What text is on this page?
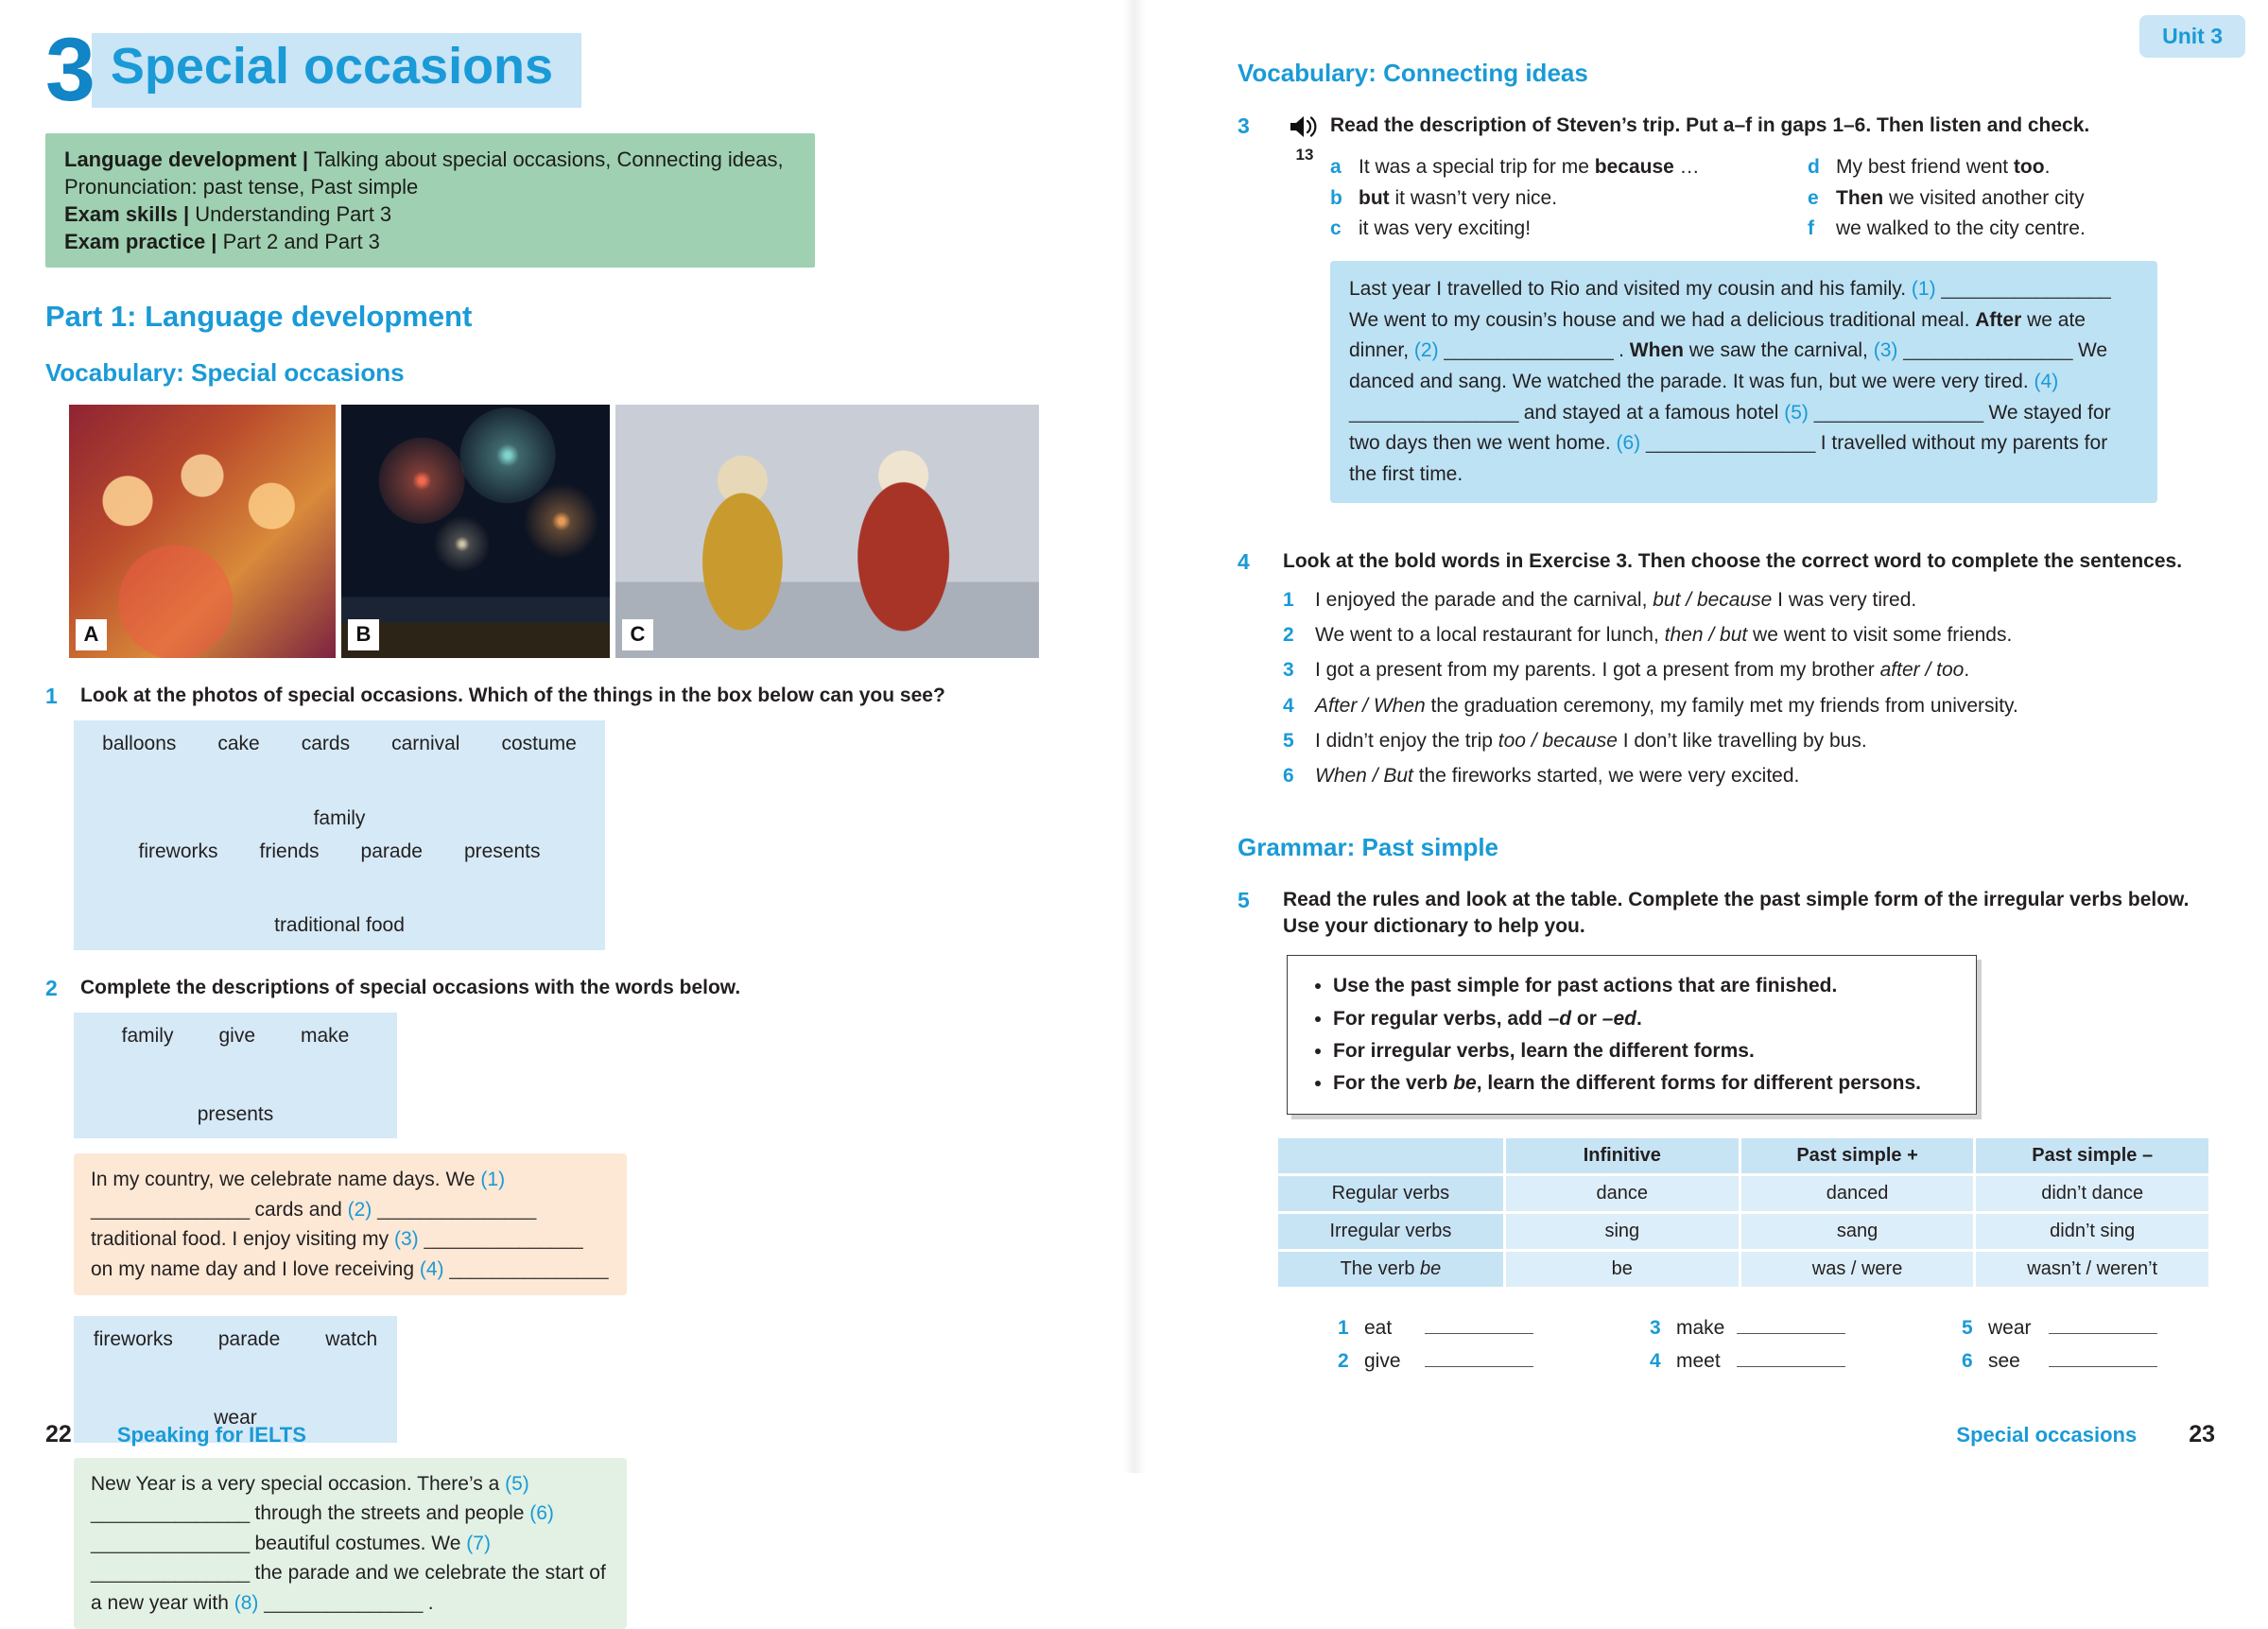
3 Special occasions

Language development | Talking about special occasions, Connecting ideas,

Pronunciation: past tense, Past simple

Exam skills | Understanding Part 3

Exam practice | Part 2 and Part 3

Part 1: Language development
Vocabulary: Special occasions
A	B	C
1	Look at the photos of special occasions. Which of the things in the box below can you see?

balloons cake cards carnival costume
family
fireworks friends parade presents
traditional food
2	Complete the descriptions of special occasions with the words below.

family give make
presents
In my country, we celebrate name days. We (1) _______________ cards and (2) _______________ traditional food. I enjoy visiting my (3) _______________ on my name day and I love receiving (4) _______________
fireworks parade watch
wear
New Year is a very special occasion. There’s a (5) _______________ through the streets and people (6) _______________ beautiful costumes. We (7) _______________ the parade and we celebrate the start of a new year with (8) _______________ .
22 Speaking for IELTS
Unit 3
Vocabulary: Connecting ideas
3
13

Read the description of Steven’s trip. Put a–f in gaps 1–6. Then listen and check.

a It was a special trip for me because …
b but it wasn’t very nice.
c it was very exciting!
d My best friend went too.
e Then we visited another city
f	we walked to the city centre.
Last year I travelled to Rio and visited my cousin and his family. (1) ________________ We went to my cousin’s house and we had a delicious traditional meal. After we ate dinner, (2) ________________ . When we saw the carnival, (3) ________________ We danced and sang. We watched the parade. It was fun, but we were very tired. (4) ________________ and stayed at a famous hotel (5) ________________ We stayed for two days then we went home. (6) ________________ I travelled without my parents for the first time.
4	Look at the bold words in Exercise 3. Then choose the correct word to complete the sentences.

1	I enjoyed the parade and the carnival, but / because I was very tired.
2	We went to a local restaurant for lunch, then / but we went to visit some friends.
3	I got a present from my parents. I got a present from my brother after / too.
4	After / When the graduation ceremony, my family met my friends from university.
5	I didn’t enjoy the trip too / because I don’t like travelling by bus.
6	When / But the fireworks started, we were very excited.
Grammar: Past simple
5	Read the rules and look at the table. Complete the past simple form of the irregular verbs below. Use your dictionary to help you.

• Use the past simple for past actions that are finished.
• For regular verbs, add –d or –ed.
• For irregular verbs, learn the different forms.
• For the verb be, learn the different forms for different persons.
	Infinitive	Past simple +	Past simple –
Regular verbs	dance	danced	didn’t dance
Irregular verbs	sing	sang	didn’t sing
The verb be	be	was / were	wasn’t / weren’t
1 eat
2 give
3 make
4 meet
5 wear
6 see
Special occasions 23
